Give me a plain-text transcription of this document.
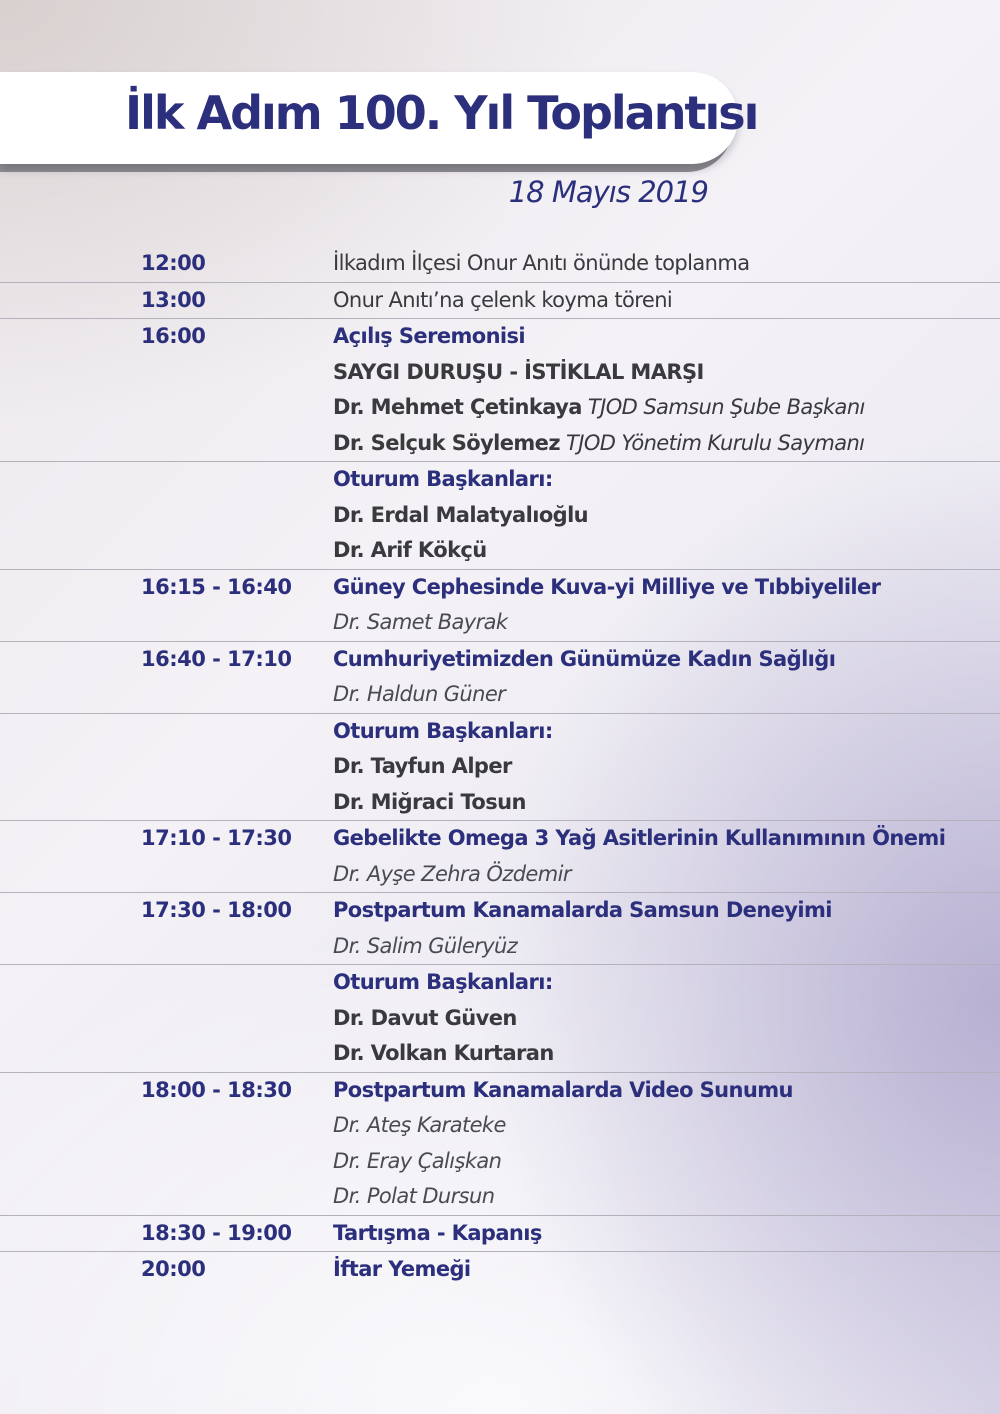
İlk Adım 100. Yıl Toplantısı
18 Mayıs 2019
12:00	İlkadım İlçesi Onur Anıtı önünde toplanma
13:00	Onur Anıtı’na çelenk koyma töreni
16:00	Açılış Seremonisi
SAYGI DURUŞU - İSTİKLAL MARŞI
Dr. Mehmet Çetinkaya TJOD Samsun Şube Başkanı
Dr. Selçuk Söylemez TJOD Yönetim Kurulu Saymanı
Oturum Başkanları:
Dr. Erdal Malatyalıoğlu
Dr. Arif Kökçü
16:15 - 16:40 Güney Cephesinde Kuva-yi Milliye ve Tıbbiyeliler
Dr. Samet Bayrak
16:40 - 17:10 Cumhuriyetimizden Günümüze Kadın Sağlığı
Dr. Haldun Güner
Oturum Başkanları:
Dr. Tayfun Alper
Dr. Miğraci Tosun
17:10 - 17:30 Gebelikte Omega 3 Yağ Asitlerinin Kullanımının Önemi
Dr. Ayşe Zehra Özdemir
17:30 - 18:00 Postpartum Kanamalarda Samsun Deneyimi
Dr. Salim Güleryüz
Oturum Başkanları:
Dr. Davut Güven
Dr. Volkan Kurtaran
18:00 - 18:30 Postpartum Kanamalarda Video Sunumu
Dr. Ateş Karateke
Dr. Eray Çalışkan
Dr. Polat Dursun
18:30 - 19:00 Tartışma - Kapanış
20:00	İftar Yemeği
